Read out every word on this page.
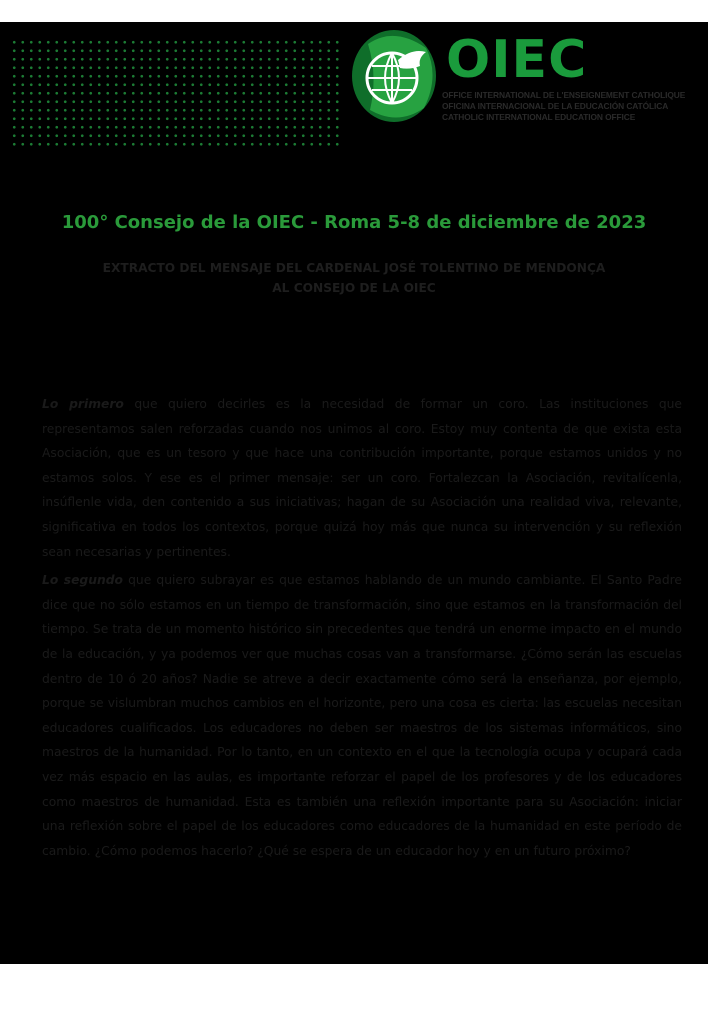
OIEC
OFFICE INTERNATIONAL DE L'ENSEIGNEMENT CATHOLIQUE
OFICINA INTERNACIONAL DE LA EDUCACIÓN CATÓLICA
CATHOLIC INTERNATIONAL EDUCATION OFFICE
100° Consejo de la OIEC - Roma 5-8 de diciembre de 2023
EXTRACTO DEL MENSAJE DEL CARDENAL JOSÉ TOLENTINO DE MENDONÇA
AL CONSEJO DE LA OIEC

Lo primero que quiero decirles es la necesidad de formar un coro. Las instituciones que representamos salen reforzadas cuando nos unimos al coro. Estoy muy contenta de que exista esta Asociación, que es un tesoro y que hace una contribución importante, porque estamos unidos y no estamos solos. Y ese es el primer mensaje: ser un coro. Fortalezcan la Asociación, revitalícenla, insúflenle vida, den contenido a sus iniciativas; hagan de su Asociación una realidad viva, relevante, significativa en todos los contextos, porque quizá hoy más que nunca su intervención y su reflexión sean necesarias y pertinentes.

Lo segundo que quiero subrayar es que estamos hablando de un mundo cambiante. El Santo Padre dice que no sólo estamos en un tiempo de transformación, sino que estamos en la transformación del tiempo. Se trata de un momento histórico sin precedentes que tendrá un enorme impacto en el mundo de la educación, y ya podemos ver que muchas cosas van a transformarse. ¿Cómo serán las escuelas dentro de 10 ó 20 años? Nadie se atreve a decir exactamente cómo será la enseñanza, por ejemplo, porque se vislumbran muchos cambios en el horizonte, pero una cosa es cierta: las escuelas necesitan educadores cualificados. Los educadores no deben ser maestros de los sistemas informáticos, sino maestros de la humanidad. Por lo tanto, en un contexto en el que la tecnología ocupa y ocupará cada vez más espacio en las aulas, es importante reforzar el papel de los profesores y de los educadores como maestros de humanidad. Esta es también una reflexión importante para su Asociación: iniciar una reflexión sobre el papel de los educadores como educadores de la humanidad en este período de cambio. ¿Cómo podemos hacerlo? ¿Qué se espera de un educador hoy y en un futuro próximo?
